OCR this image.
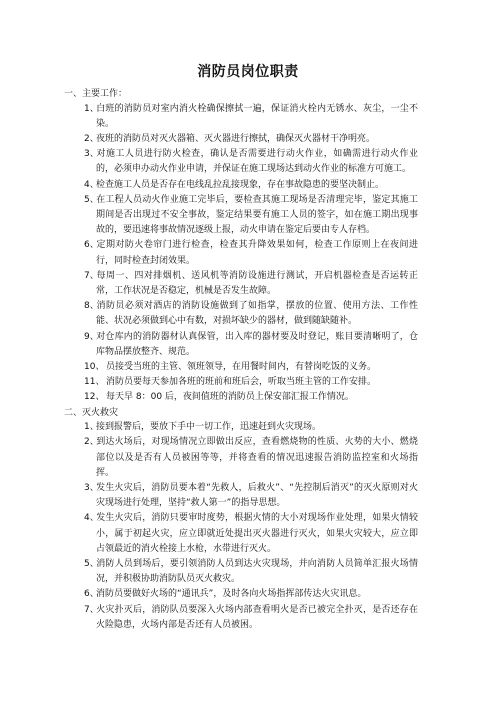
消防员岗位职责
一、主要工作：
1、白班的消防员对室内消火栓确保擦拭一遍，保证消火栓内无锈水、灰尘，一尘不染。
2、夜班的消防员对灭火器箱、灭火器进行擦拭，确保灭火器材干净明亮。
3、对施工人员进行防火检查，确认是否需要进行动火作业，如确需进行动火作业的，必须申办动火作业申请，并保证在施工现场达到动火作业的标准方可施工。
4、检查施工人员是否存在电线乱拉乱接现象，存在事故隐患的要坚决制止。
5、在工程人员动火作业施工完毕后，要检查其施工现场是否清理完毕，鉴定其施工期间是否出现过不安全事故，鉴定结果要有施工人员的签字，如在施工期出现事故的，要迅速将事故情况逐级上报，动火申请在鉴定后要由专人存档。
6、定期对防火卷帘门进行检查，检查其升降效果如何，检查工作原则上在夜间进行，同时检查封闭效果。
7、每周一、四对排烟机、送风机等消防设施进行测试，开启机器检查是否运转正常，工作状况是否稳定，机械是否发生故障。
8、消防员必须对酒店的消防设施做到了如指掌，摆放的位置、使用方法、工作性能、状况必须做到心中有数，对损坏缺少的器材，做到随缺随补。
9、对仓库内的消防器材认真保管，出入库的器材要及时登记，账目要清晰明了，仓库物品摆放整齐、规范。
10、 员接受当班的主管、领班领导，在用餐时间内，有替岗吃饭的义务。
11、 消防员要每天参加各班的班前和班后会，听取当班主管的工作安排。
12、 每天早 8：00 后，夜间值班的消防员上保安部汇报工作情况。
二、灭火救灾
1、接到报警后，要放下手中一切工作，迅速赶到火灾现场。
2、到达火场后，对现场情况立即做出反应，查看燃烧物的性质、火势的大小、燃烧部位以及是否有人员被困等等，并将查看的情况迅速报告消防监控室和火场指挥。
3、发生火灾后，消防员要本着“先救人，后救火”、“先控制后消灭”的灭火原则对火灾现场进行处理，坚持“救人第一”的指导思想。
4、发生火灾后，消防只要审时度势，根据火情的大小对现场作业处理，如果火情较小，属于初起火灾，应立即就近处提出灭火器进行灭火，如果火灾较大，应立即占领最近的消火栓接上水枪，水带进行灭火。
5、消防人员到场后，要引领消防人员到达火灾现场，并向消防人员简单汇报火场情况，并积极协助消防队员灭火救灾。
6、消防员要做好火场的“通讯兵”，及时各向火场指挥部传达火灾讯息。
7、火灾扑灭后，消防队员要深入火场内部查看明火是否已被完全扑灭，是否还存在火险隐患，火场内部是否还有人员被困。
